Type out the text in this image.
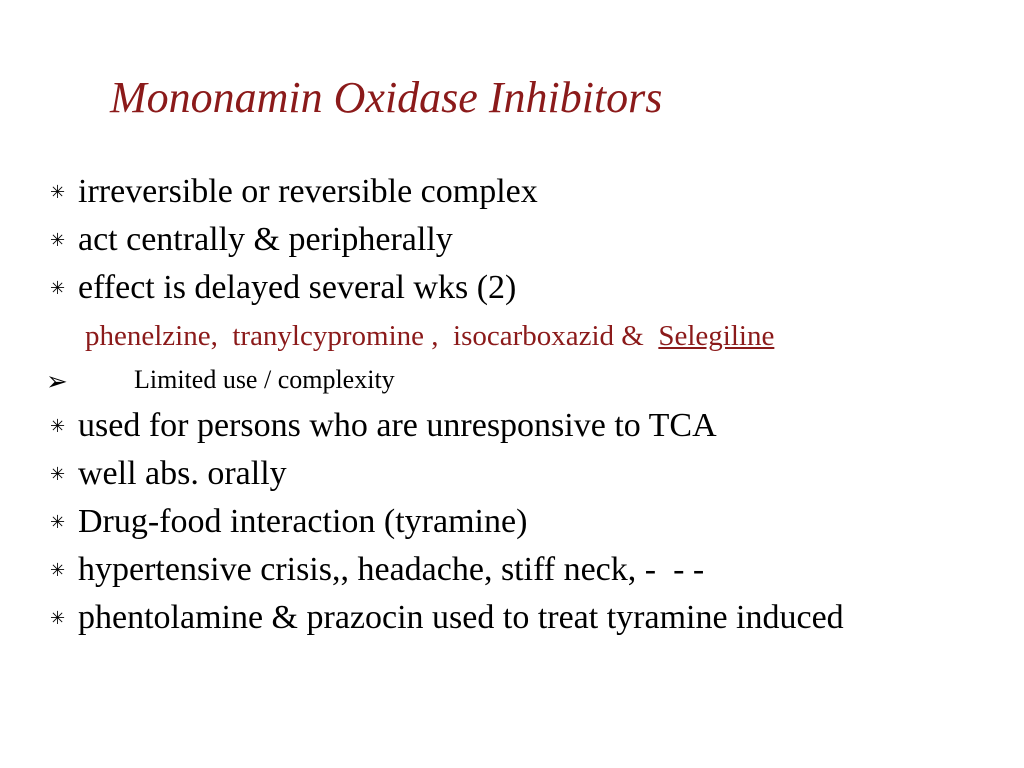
Mononamin Oxidase Inhibitors
✳ irreversible or reversible complex
✳ act centrally & peripherally
✳ effect is delayed several wks (2)
phenelzine,  tranylcypromine ,  isocarboxazid &  Selegiline
➢	Limited use / complexity
✳ used for persons who are unresponsive to TCA
✳ well abs. orally
✳ Drug-food interaction (tyramine)
✳ hypertensive crisis,, headache, stiff neck, -  - -
✳ phentolamine & prazocin used to treat tyramine induced
